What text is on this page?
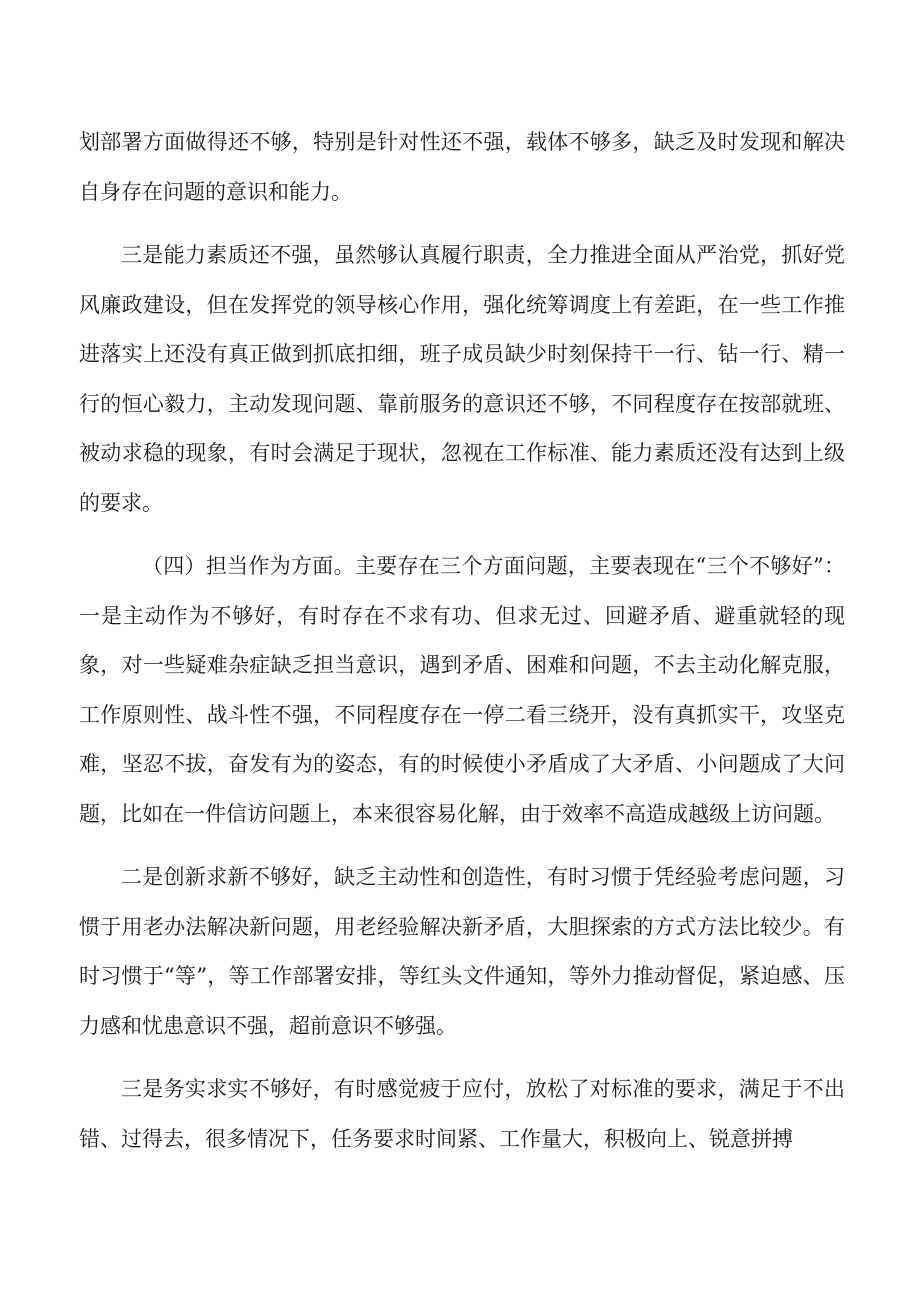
划部署方面做得还不够，特别是针对性还不强，载体不够多，缺乏及时发现和解决自身存在问题的意识和能力。

三是能力素质还不强，虽然够认真履行职责，全力推进全面从严治党，抓好党风廉政建设，但在发挥党的领导核心作用，强化统筹调度上有差距，在一些工作推进落实上还没有真正做到抓底扣细，班子成员缺少时刻保持干一行、钻一行、精一行的恒心毅力，主动发现问题、靠前服务的意识还不够，不同程度存在按部就班、被动求稳的现象，有时会满足于现状，忽视在工作标准、能力素质还没有达到上级的要求。

（四）担当作为方面。主要存在三个方面问题，主要表现在“三个不够好”：一是主动作为不够好，有时存在不求有功、但求无过、回避矛盾、避重就轻的现象，对一些疑难杂症缺乏担当意识，遇到矛盾、困难和问题，不去主动化解克服，工作原则性、战斗性不强，不同程度存在一停二看三绕开，没有真抓实干，攻坚克难，坚忍不拔，奋发有为的姿态，有的时候使小矛盾成了大矛盾、小问题成了大问题，比如在一件信访问题上，本来很容易化解，由于效率不高造成越级上访问题。

二是创新求新不够好，缺乏主动性和创造性，有时习惯于凭经验考虑问题，习惯于用老办法解决新问题，用老经验解决新矛盾，大胆探索的方式方法比较少。有时习惯于“等”，等工作部署安排，等红头文件通知，等外力推动督促，紧迫感、压力感和忧患意识不强，超前意识不够强。

三是务实求实不够好，有时感觉疲于应付，放松了对标准的要求，满足于不出错、过得去，很多情况下，任务要求时间紧、工作量大，积极向上、锐意拼搏
